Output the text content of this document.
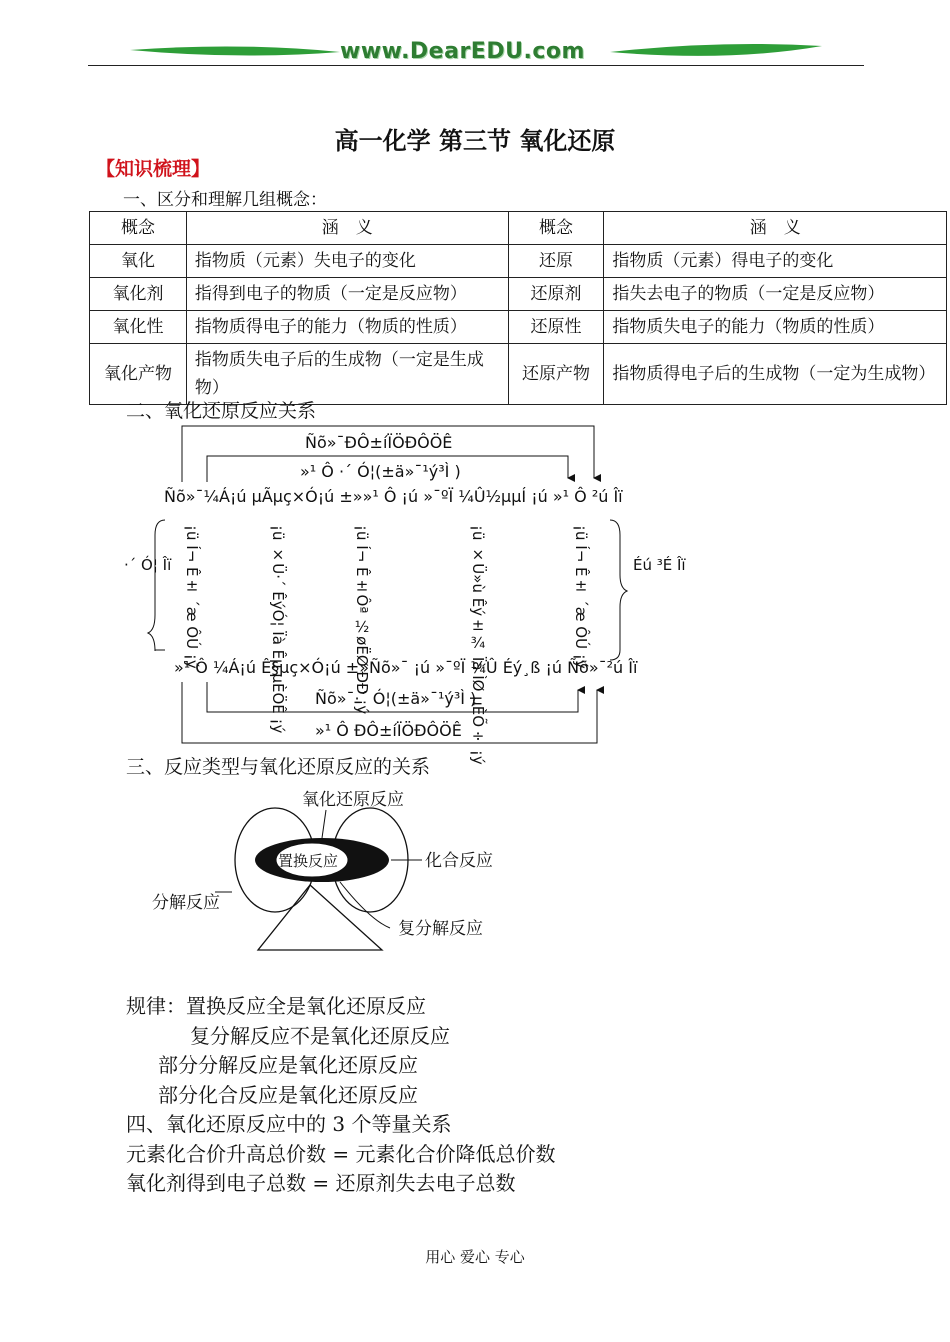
www.DearEDU.com
高一化学 第三节 氧化还原
【知识梳理】
一、区分和理解几组概念：
概念	涵　义	概念	涵　义
氧化	指物质（元素）失电子的变化	还原	指物质（元素）得电子的变化
氧化剂	指得到电子的物质（一定是反应物）	还原剂	指失去电子的物质（一定是反应物）
氧化性	指物质得电子的能力（物质的性质）	还原性	指物质失电子的能力（物质的性质）
氧化产物	指物质失电子后的生成物（一定是生成物）	还原产物	指物质得电子后的生成物（一定为生成物）
二、氧化还原反应关系
Ñõ»¯ÐÔ±íÏÖÐÔÖÊ
»¹ Ô ·´ Ó¦(±ä»¯¹ý³Ì )
Ñõ»¯¼Á¡ú µÃµç×Ó¡ú ±»»¹ Ô ¡ú »¯ºÏ ¼Û½µµÍ ¡ú »¹ Ô ²ú Îï
·´ Ó¦ Îï	Éú ³É Îï
¡ü Í¬ Ê± ´æ ÔÚ ¡ý	¡ü ×Ü·´ ÊýÓ¦ Ïà Êµ µÈÖÊ ¡ý	¡ü Í¬ Ê±Ôª ½øËØ ÐÐ ¡ý	¡ü ×Ü»ù Êý±¾ Ïà ÌØ µÈÕ÷ ¡ý	¡ü Í¬ Ê± ´æ ÔÚ ¡ý
»¹ Ô ¼Á¡ú Ê§µç×Ó¡ú ±»Ñõ»¯ ¡ú »¯ºÏ ¼Û Éý¸ß ¡ú Ñõ»¯²ú Îï
Ñõ»¯·´ Ó¦(±ä»¯¹ý³Ì )
»¹ Ô ÐÔ±íÏÖÐÔÖÊ
三、反应类型与氧化还原反应的关系
氧化还原反应
置换反应	化合反应
分解反应
复分解反应
规律：置换反应全是氧化还原反应
复分解反应不是氧化还原反应
部分分解反应是氧化还原反应
部分化合反应是氧化还原反应
四、氧化还原反应中的 3 个等量关系
元素化合价升高总价数 = 元素化合价降低总价数
氧化剂得到电子总数 = 还原剂失去电子总数
用心 爱心 专心
